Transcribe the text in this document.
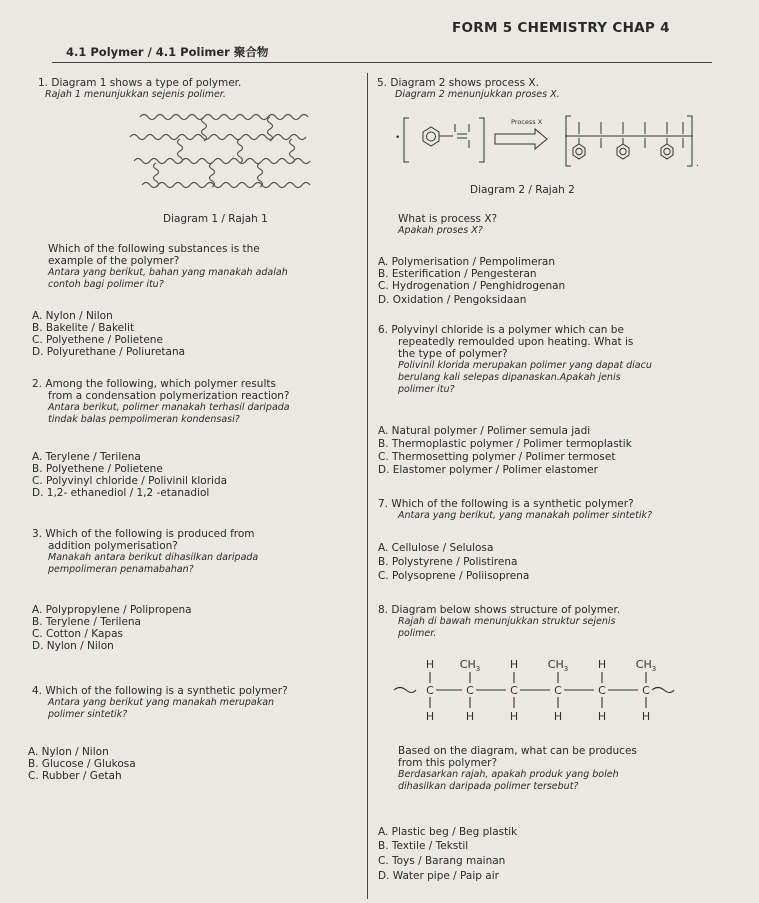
FORM 5 CHEMISTRY CHAP 4
4.1 Polymer / 4.1 Polimer 聚合物
1. Diagram 1 shows a type of polymer.
Rajah 1 menunjukkan sejenis polimer.
Diagram 1 / Rajah 1
Which of the following substances is the
example of the polymer?
Antara yang berikut, bahan yang manakah adalah
contoh bagi polimer itu?
A. Nylon / Nilon
B. Bakelite / Bakelit
C. Polyethene / Polietene
D. Polyurethane / Poliuretana
2. Among the following, which polymer results
from a condensation polymerization reaction?
Antara berikut, polimer manakah terhasil daripada
tindak balas pempolimeran kondensasi?
A. Terylene / Terilena
B. Polyethene / Polietene
C. Polyvinyl chloride / Polivinil klorida
D. 1,2- ethanediol / 1,2 -etanadiol
3. Which of the following is produced from
addition polymerisation?
Manakah antara berikut dihasilkan daripada
pempolimeran penamabahan?
A. Polypropylene / Polipropena
B. Terylene / Terilena
C. Cotton / Kapas
D. Nylon / Nilon
4. Which of the following is a synthetic polymer?
Antara yang berikut yang manakah merupakan
polimer sintetik?
A. Nylon / Nilon
B. Glucose / Glukosa
C. Rubber / Getah
5. Diagram 2 shows process X.
Diagram 2 menunjukkan proses X.
Process X
•
.
Diagram 2 / Rajah 2
What is process X?
Apakah proses X?
A. Polymerisation / Pempolimeran
B. Esterification / Pengesteran
C. Hydrogenation / Penghidrogenan
D. Oxidation / Pengoksidaan
6. Polyvinyl chloride is a polymer which can be
repeatedly remoulded upon heating. What is
the type of polymer?
Polivinil klorida merupakan polimer yang dapat diacu
berulang kali selepas dipanaskan.Apakah jenis
polimer itu?
A. Natural polymer / Polimer semula jadi
B. Thermoplastic polymer / Polimer termoplastik
C. Thermosetting polymer / Polimer termoset
D. Elastomer polymer / Polimer elastomer
7. Which of the following is a synthetic polymer?
Antara yang berikut, yang manakah polimer sintetik?
A. Cellulose / Selulosa
B. Polystyrene / Polistirena
C. Polysoprene / Poliisoprena
8. Diagram below shows structure of polymer.
Rajah di bawah menunjukkan struktur sejenis
polimer.
H $CH_3$	H	$CH_3$	H	$CH_3$
C	C	C	C	C	C
H	H	H	H	H	H
Based on the diagram, what can be produces
from this polymer?
Berdasarkan rajah, apakah produk yang boleh
dihasilkan daripada polimer tersebut?
A. Plastic beg / Beg plastik
B. Textile / Tekstil
C. Toys / Barang mainan
D. Water pipe / Paip air
